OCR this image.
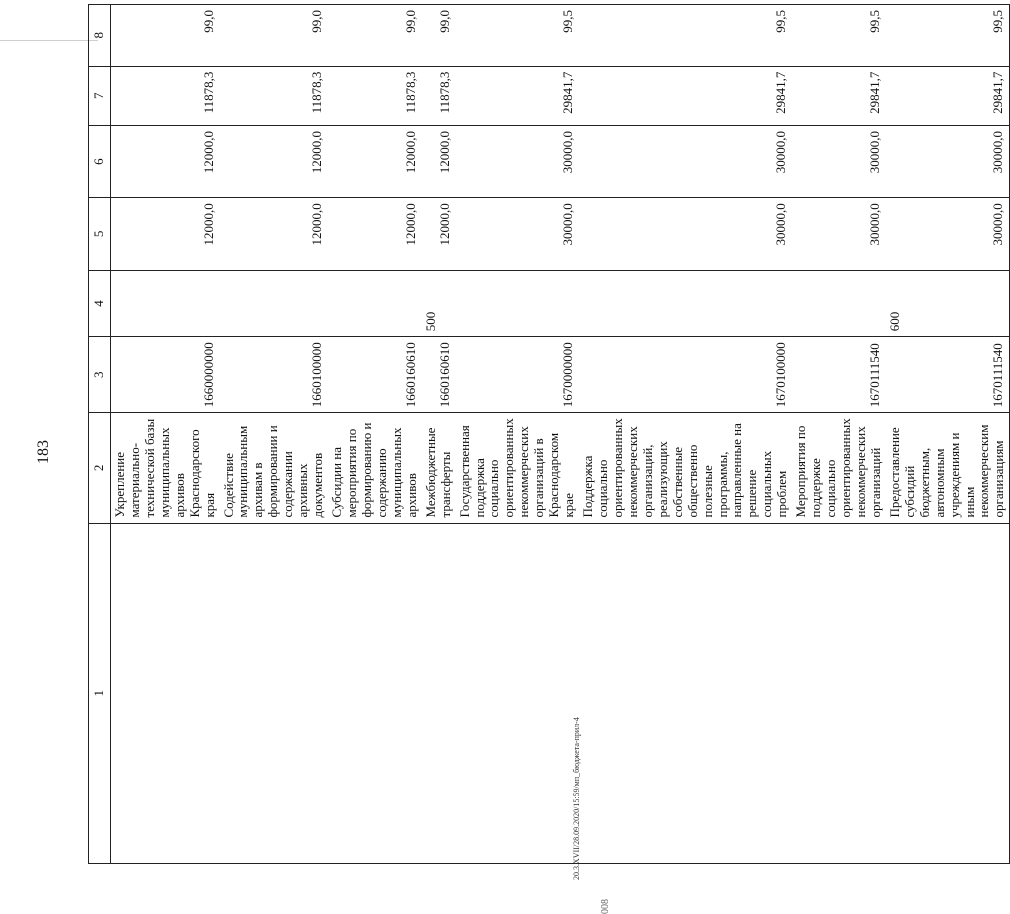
183
1	2	3	4	5	6	7	8
	Укрепление материально-технической базы муниципальных архивов Краснодарского края	1660000000		12000,0	12000,0	11878,3	99,0
	Содействие муниципальным архивам в формировании и содержании архивных документов	1660100000		12000,0	12000,0	11878,3	99,0
	Субсидии на мероприятия по формированию и содержанию муниципальных архивов	1660160610		12000,0	12000,0	11878,3	99,0
	Межбюджетные трансферты	1660160610	500	12000,0	12000,0	11878,3	99,0
	Государственная поддержка социально ориентированных некоммерческих организаций в Краснодарском крае	1670000000		30000,0	30000,0	29841,7	99,5
	Поддержка социально ориентированных некоммерческих организаций, реализующих собственные общественно полезные программы, направленные на решение социальных проблем	1670100000		30000,0	30000,0	29841,7	99,5
	Мероприятия по поддержке социально ориентированных некоммерческих организаций	1670111540		30000,0	30000,0	29841,7	99,5
	Предоставление субсидий бюджетным, автономным учреждениям и иным некоммерческим организациям	1670111540	600	30000,0	30000,0	29841,7	99,5
20.3.XVII/28.09.2020/15:59/мп_бюджета-прил-4
008
